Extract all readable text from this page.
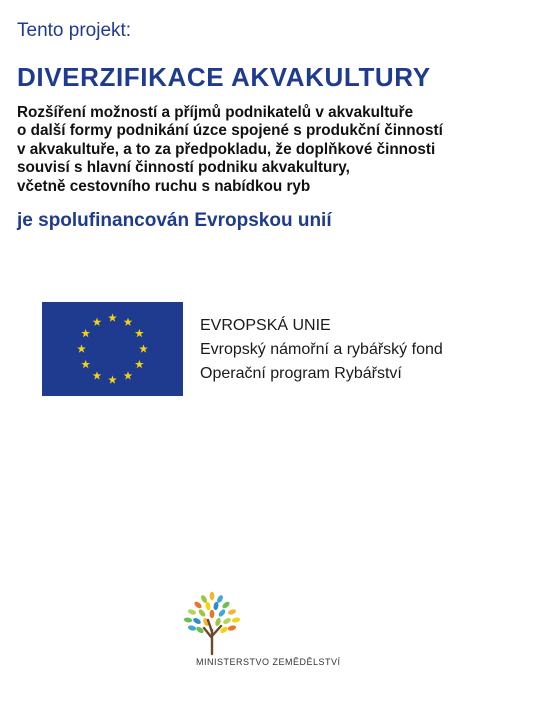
Tento projekt:
DIVERZIFIKACE AKVAKULTURY
Rozšíření možností a příjmů podnikatelů v akvakultuře
o další formy podnikání úzce spojené s produkční činností
v akvakultuře, a to za předpokladu, že doplňkové činnosti
souvisí s hlavní činností podniku akvakultury,
včetně cestovního ruchu s nabídkou ryb
je spolufinancován Evropskou unií
EVROPSKÁ UNIE
Evropský námořní a rybářský fond
Operační program Rybářství
MINISTERSTVO ZEMĚDĚLSTVÍ
